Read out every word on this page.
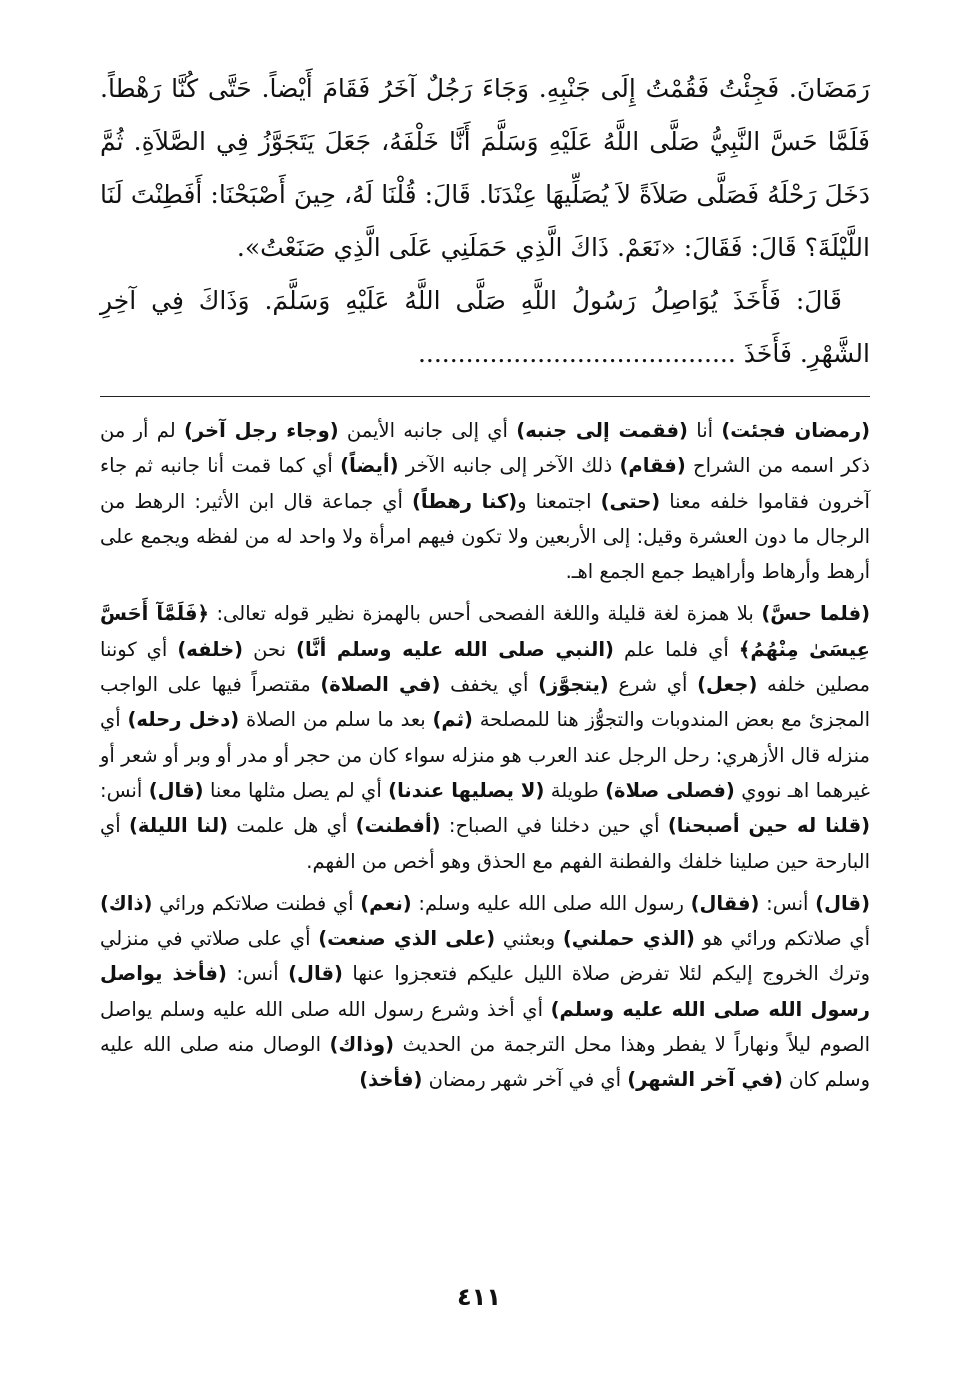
رَمَضَانَ. فَجِئْتُ فَقُمْتُ إِلَى جَنْبِهِ. وَجَاءَ رَجُلٌ آخَرُ فَقَامَ أَيْضاً. حَتَّى كُنَّا رَهْطاً. فَلَمَّا حَسَّ النَّبِيُّ صَلَّى اللَّهُ عَلَيْهِ وَسَلَّمَ أَنَّا خَلْفَهُ، جَعَلَ يَتَجَوَّزُ فِي الصَّلاَةِ. ثُمَّ دَخَلَ رَحْلَهُ فَصَلَّى صَلاَةً لاَ يُصَلِّيهَا عِنْدَنَا. قَالَ: قُلْنَا لَهُ، حِينَ أَصْبَحْنَا: أَفَطِنْتَ لَنَا اللَّيْلَةَ؟ قَالَ: فَقَالَ: «نَعَمْ. ذَاكَ الَّذِي حَمَلَنِي عَلَى الَّذِي صَنَعْتُ».

قَالَ: فَأَخَذَ يُوَاصِلُ رَسُولُ اللَّهِ صَلَّى اللَّهُ عَلَيْهِ وَسَلَّمَ. وَذَاكَ فِي آخِرِ الشَّهْرِ. فَأَخَذَ ........................................

(رمضان فجئت) أنا (فقمت إلى جنبه) أي إلى جانبه الأيمن (وجاء رجل آخر) لم أر من ذكر اسمه من الشراح (فقام) ذلك الآخر إلى جانبه الآخر (أيضاً) أي كما قمت أنا جانبه ثم جاء آخرون فقاموا خلفه معنا (حتى) اجتمعنا و(كنا رهطاً) أي جماعة قال ابن الأثير: الرهط من الرجال ما دون العشرة وقيل: إلى الأربعين ولا تكون فيهم امرأة ولا واحد له من لفظه ويجمع على أرهط وأرهاط وأراهيط جمع الجمع اهـ.

(فلما حسَّ) بلا همزة لغة قليلة واللغة الفصحى أحس بالهمزة نظير قوله تعالى: ﴿فَلَمَّآ أَحَسَّ عِيسَىٰ مِنْهُمُ﴾ أي فلما علم (النبي صلى الله عليه وسلم أنَّا) نحن (خلفه) أي كوننا مصلين خلفه (جعل) أي شرع (يتجوَّز) أي يخفف (في الصلاة) مقتصراً فيها على الواجب المجزئ مع بعض المندوبات والتجوُّز هنا للمصلحة (ثم) بعد ما سلم من الصلاة (دخل رحله) أي منزله قال الأزهري: رحل الرجل عند العرب هو منزله سواء كان من حجر أو مدر أو وبر أو شعر أو غيرهما اهـ نووي (فصلى صلاة) طويلة (لا يصليها عندنا) أي لم يصل مثلها معنا (قال) أنس: (قلنا له حين أصبحنا) أي حين دخلنا في الصباح: (أفطنت) أي هل علمت (لنا الليلة) أي البارحة حين صلينا خلفك والفطنة الفهم مع الحذق وهو أخص من الفهم.

(قال) أنس: (فقال) رسول الله صلى الله عليه وسلم: (نعم) أي فطنت صلاتكم ورائي (ذاك) أي صلاتكم ورائي هو (الذي حملني) وبعثني (على الذي صنعت) أي على صلاتي في منزلي وترك الخروج إليكم لئلا تفرض صلاة الليل عليكم فتعجزوا عنها (قال) أنس: (فأخذ يواصل رسول الله صلى الله عليه وسلم) أي أخذ وشرع رسول الله صلى الله عليه وسلم يواصل الصوم ليلاً ونهاراً لا يفطر وهذا محل الترجمة من الحديث (وذاك) الوصال منه صلى الله عليه وسلم كان (في آخر الشهر) أي في آخر شهر رمضان (فأخذ)

٤١١
